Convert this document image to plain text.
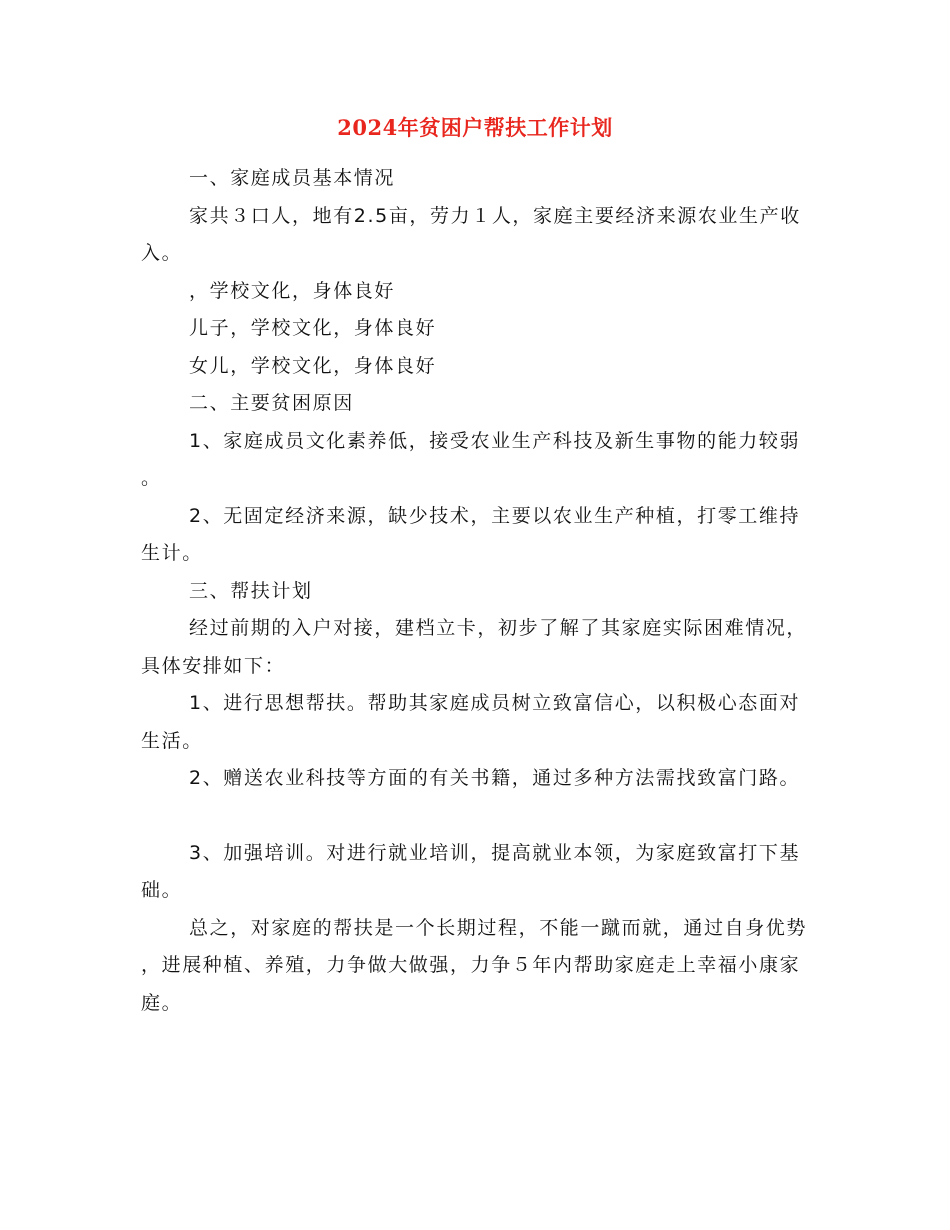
2024年贫困户帮扶工作计划

一、家庭成员基本情况

家共３口人，地有2.5亩，劳力１人，家庭主要经济来源农业生产收入。

，学校文化，身体良好

儿子，学校文化，身体良好

女儿，学校文化，身体良好

二、主要贫困原因

1、家庭成员文化素养低，接受农业生产科技及新生事物的能力较弱。

2、无固定经济来源，缺少技术，主要以农业生产种植，打零工维持生计。

三、帮扶计划

经过前期的入户对接，建档立卡，初步了解了其家庭实际困难情况，具体安排如下：

1、进行思想帮扶。帮助其家庭成员树立致富信心，以积极心态面对生活。

2、赠送农业科技等方面的有关书籍，通过多种方法需找致富门路。

3、加强培训。对进行就业培训，提高就业本领，为家庭致富打下基础。

总之，对家庭的帮扶是一个长期过程，不能一蹴而就，通过自身优势，进展种植、养殖，力争做大做强，力争５年内帮助家庭走上幸福小康家庭。
